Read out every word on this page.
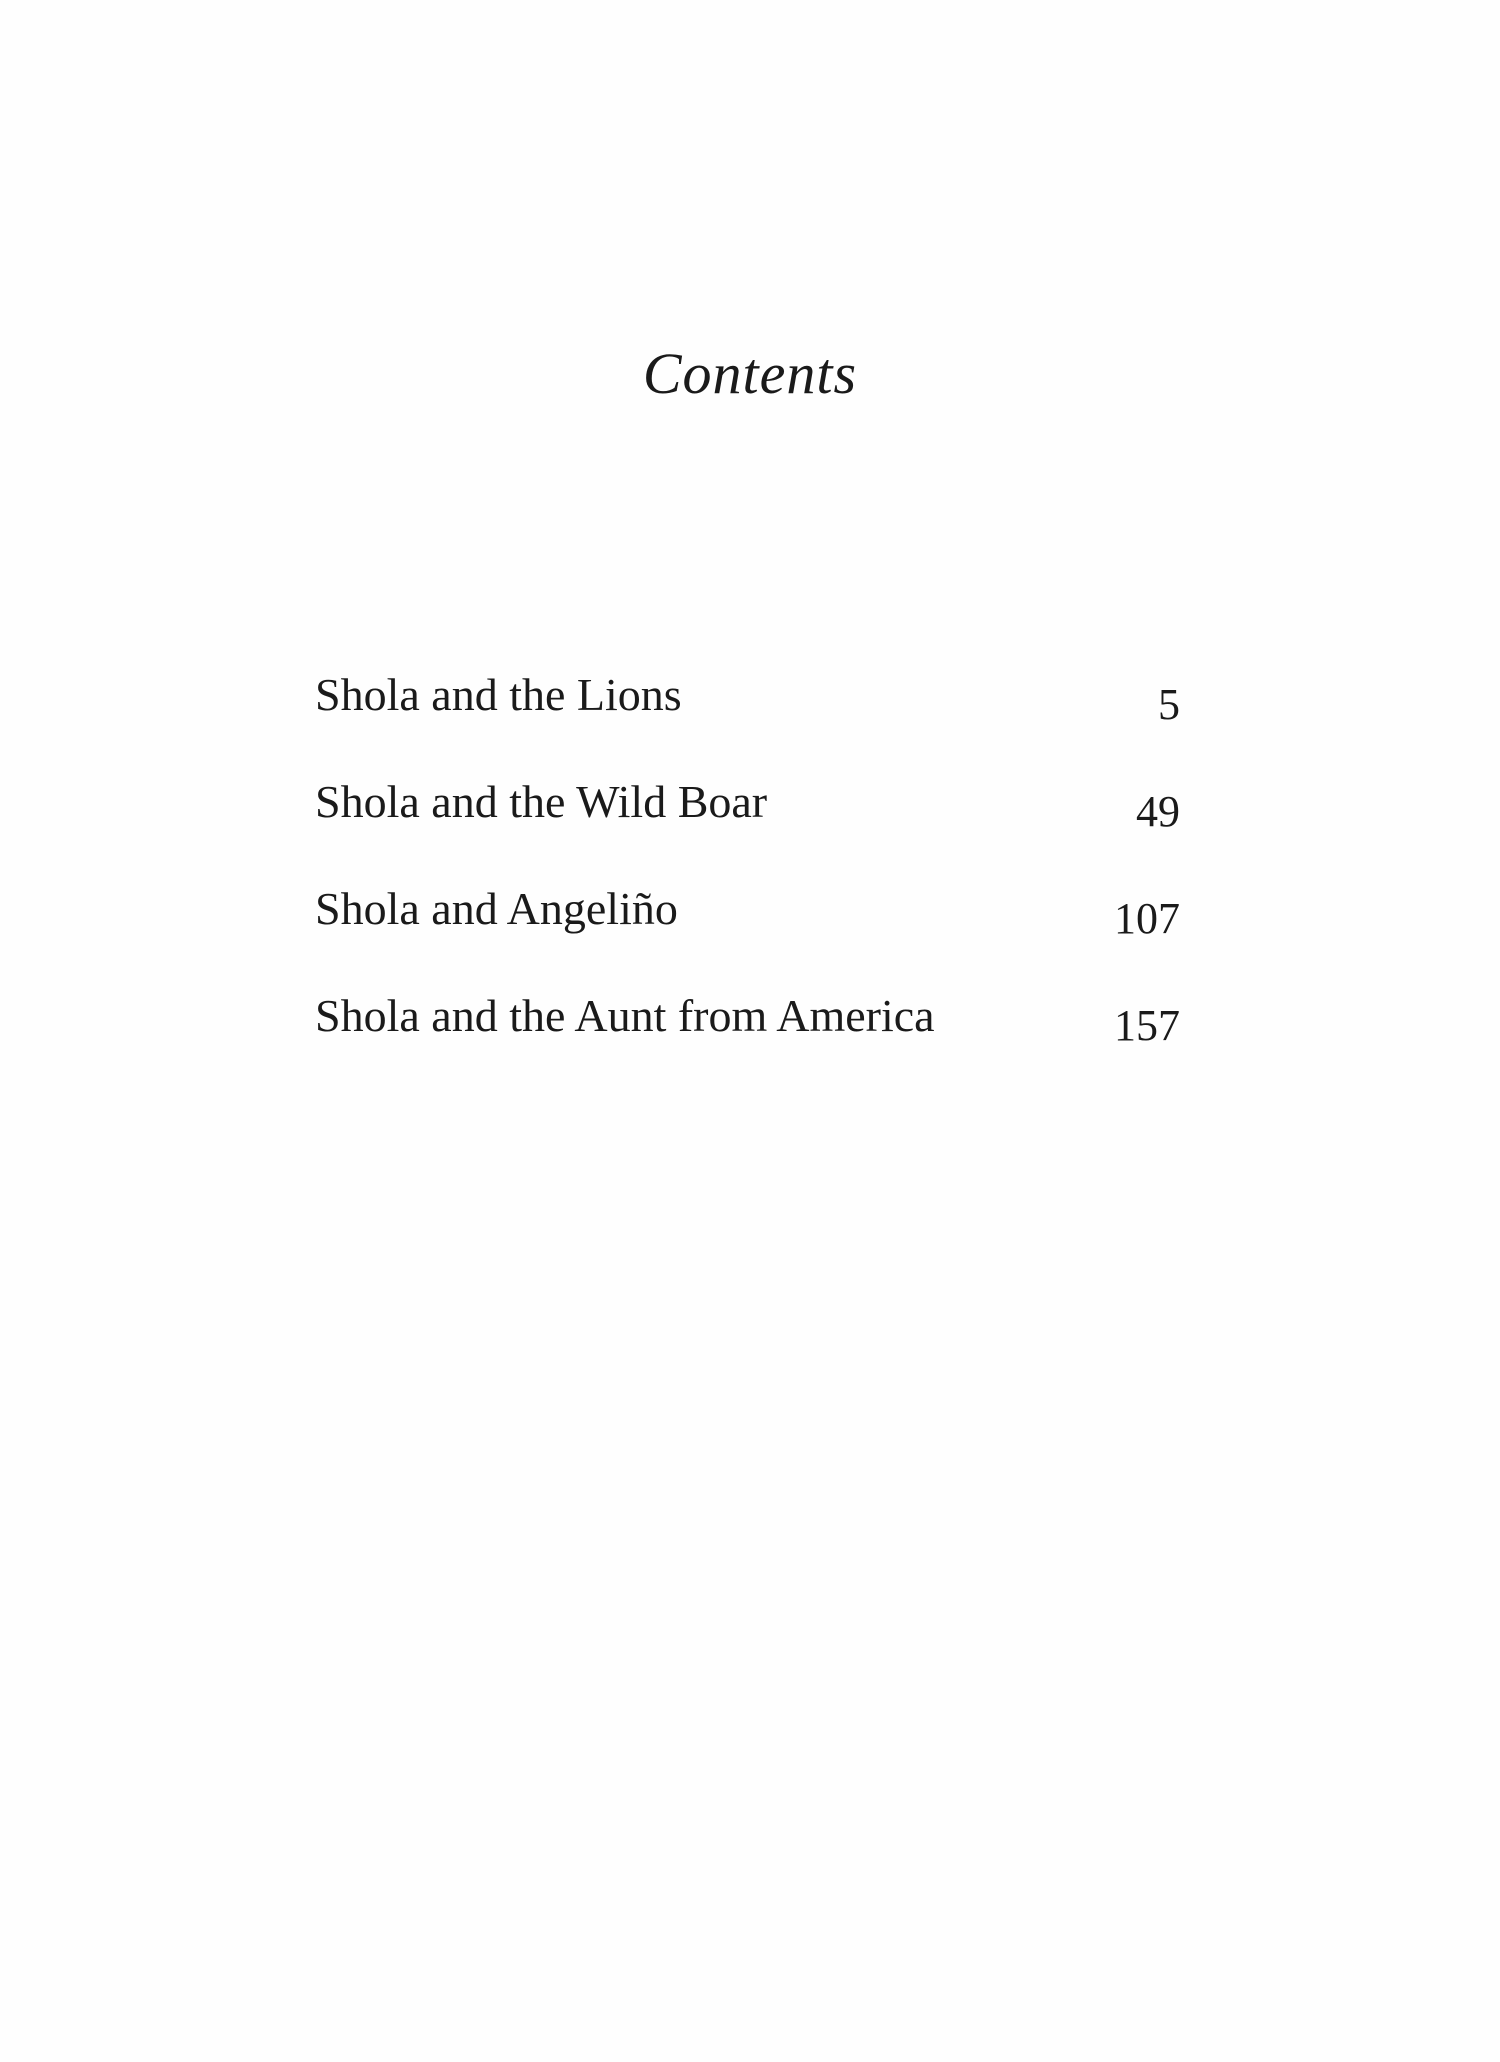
Contents
Shola and the Lions	5
Shola and the Wild Boar	49
Shola and Angeliño	107
Shola and the Aunt from America	157
